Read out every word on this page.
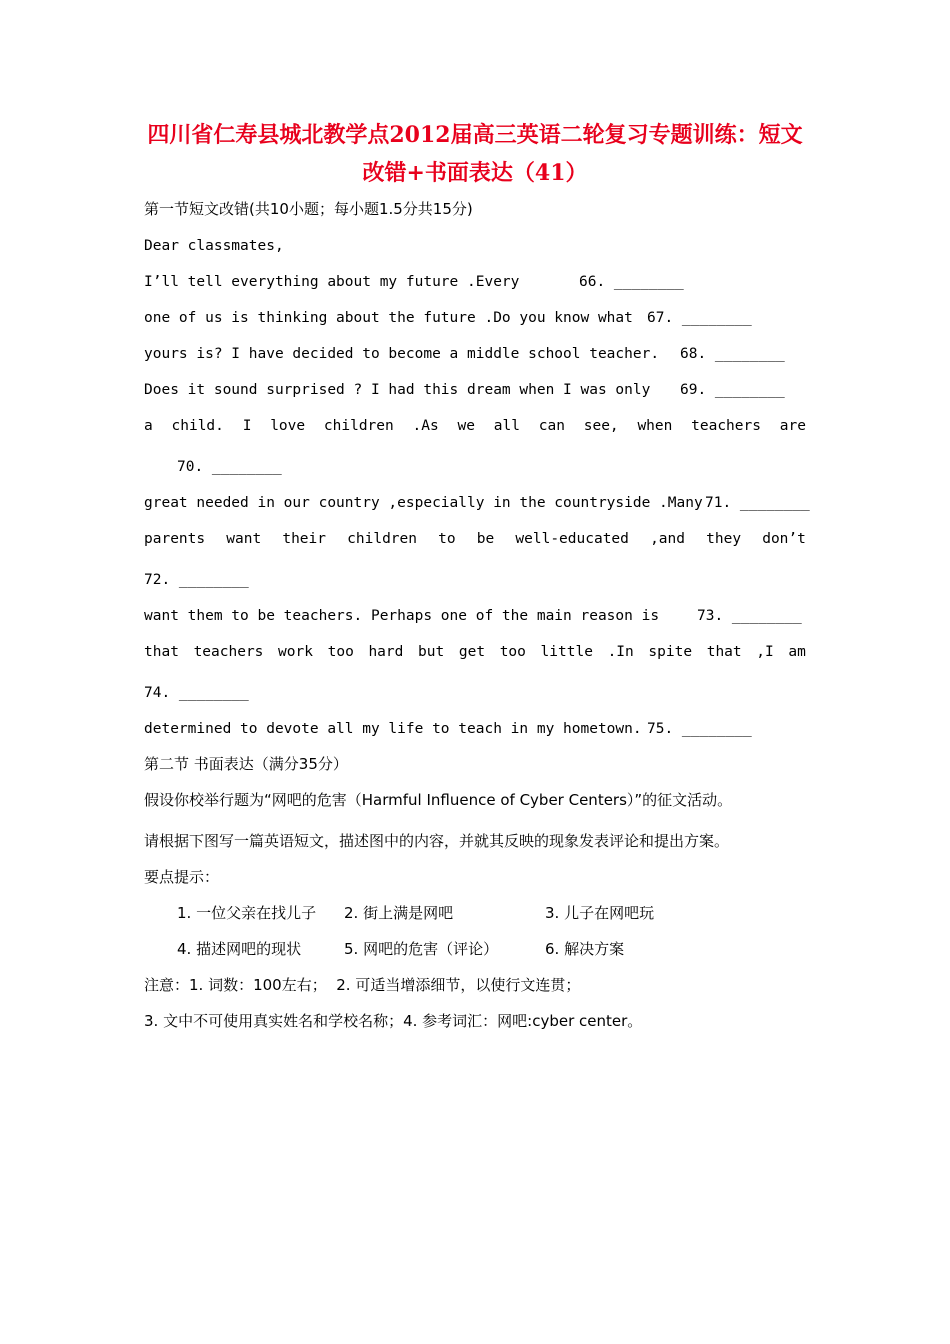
四川省仁寿县城北教学点2012届高三英语二轮复习专题训练：短文
改错+书面表达（41）
第一节短文改错(共10小题；每小题1.5分共15分)
Dear classmates,
I’ll tell everything about my future .Every	66. ________
one of us is thinking about the future .Do you know what 67. ________
yours is? I have decided to become a middle school teacher. 68. ________
Does it sound surprised ? I had this dream when I was only 69. ________
a child. I love children .As we all can see, when teachers are
70. ________
great needed in our country ,especially in the countryside .Many 71. ________
parents want their children to be well-educated ,and they don’t
72. ________
want them to be teachers. Perhaps one of the main reason is	73. ________
that teachers work too hard but get too little .In spite that ,I am
74. ________
determined to devote all my life to teach in my hometown. 75. ________
第二节 书面表达（满分35分）
假设你校举行题为“网吧的危害（Harmful Influence of Cyber Centers）”的征文活动。
请根据下图写一篇英语短文，描述图中的内容，并就其反映的现象发表评论和提出方案。
要点提示：
1. 一位父亲在找儿子 2. 街上满是网吧	3. 儿子在网吧玩
4. 描述网吧的现状	5. 网吧的危害（评论）	6. 解决方案
注意：1. 词数：100左右；  2. 可适当增添细节，以使行文连贯；
3. 文中不可使用真实姓名和学校名称；4. 参考词汇：网吧:cyber center。
